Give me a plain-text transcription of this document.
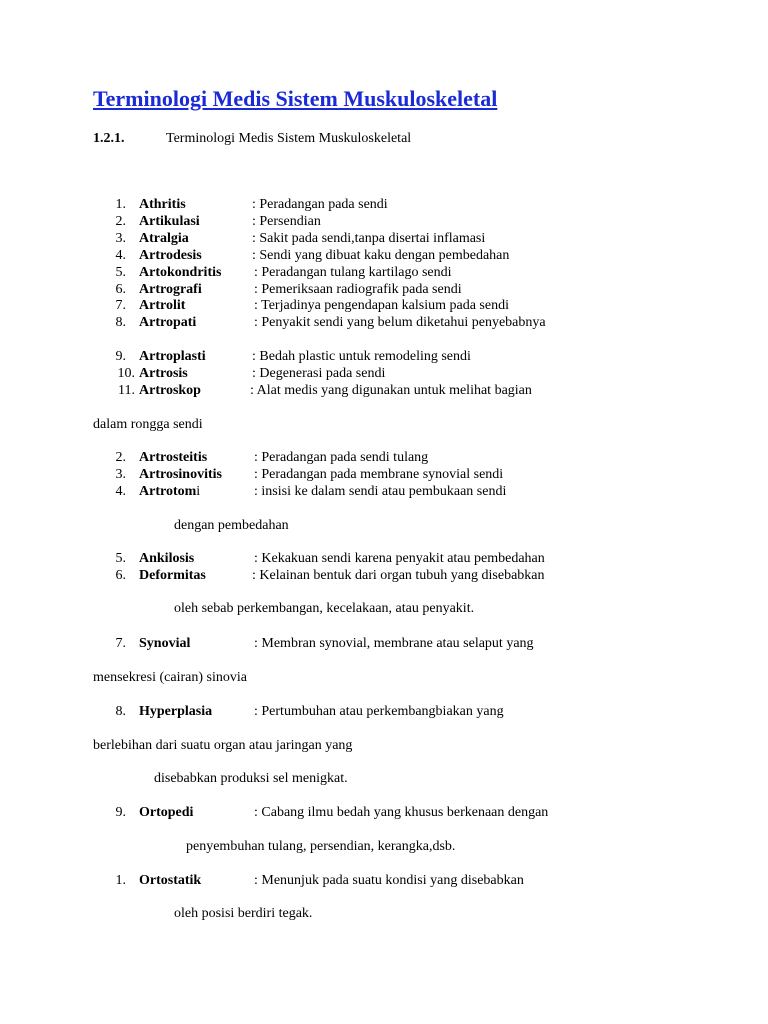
Terminologi Medis Sistem Muskuloskeletal
1.2.1.	Terminologi Medis Sistem Muskuloskeletal
1. Athritis	: Peradangan pada sendi
2. Artikulasi	: Persendian
3. Atralgia	: Sakit pada sendi,tanpa disertai inflamasi
4. Artrodesis	: Sendi yang dibuat kaku dengan pembedahan
5. Artokondritis : Peradangan tulang kartilago sendi
6. Artrografi	: Pemeriksaan radiografik pada sendi
7. Artrolit	: Terjadinya pengendapan kalsium pada sendi
8. Artropati	: Penyakit sendi yang belum diketahui penyebabnya
9. Artroplasti	: Bedah plastic untuk remodeling sendi
10. Artrosis	: Degenerasi pada sendi
11. Artroskop	: Alat medis yang digunakan untuk melihat bagian
dalam rongga sendi
2. Artrosteitis	: Peradangan pada sendi tulang
3. Artrosinovitis : Peradangan pada membrane synovial sendi
4. Artrotomi	: insisi ke dalam sendi atau pembukaan sendi
dengan pembedahan
5. Ankilosis	: Kekakuan sendi karena penyakit atau pembedahan
6. Deformitas	: Kelainan bentuk dari organ tubuh yang disebabkan
oleh sebab perkembangan, kecelakaan, atau penyakit.
7. Synovial	: Membran synovial, membrane atau selaput yang
mensekresi (cairan) sinovia
8. Hyperplasia	: Pertumbuhan atau perkembangbiakan yang
berlebihan dari suatu organ atau jaringan yang
disebabkan produksi sel menigkat.
9. Ortopedi	: Cabang ilmu bedah yang khusus berkenaan dengan
penyembuhan tulang, persendian, kerangka,dsb.
1. Ortostatik	: Menunjuk pada suatu kondisi yang disebabkan
oleh posisi berdiri tegak.
